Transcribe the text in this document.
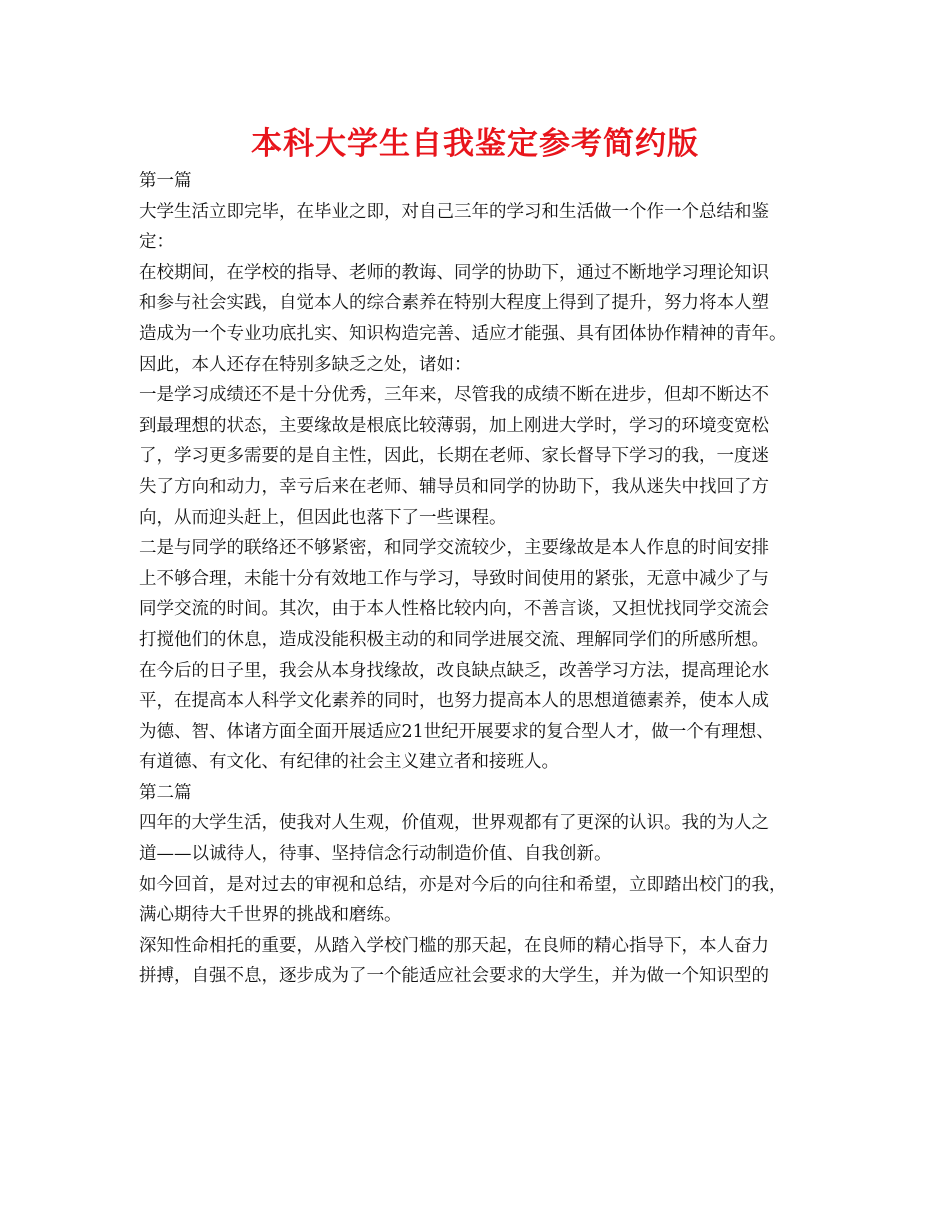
本科大学生自我鉴定参考简约版
第一篇
大学生活立即完毕，在毕业之即，对自己三年的学习和生活做一个作一个总结和鉴
定：
在校期间，在学校的指导、老师的教诲、同学的协助下，通过不断地学习理论知识
和参与社会实践，自觉本人的综合素养在特别大程度上得到了提升，努力将本人塑
造成为一个专业功底扎实、知识构造完善、适应才能强、具有团体协作精神的青年。
因此，本人还存在特别多缺乏之处，诸如：
一是学习成绩还不是十分优秀，三年来，尽管我的成绩不断在进步，但却不断达不
到最理想的状态，主要缘故是根底比较薄弱，加上刚进大学时，学习的环境变宽松
了，学习更多需要的是自主性，因此，长期在老师、家长督导下学习的我，一度迷
失了方向和动力，幸亏后来在老师、辅导员和同学的协助下，我从迷失中找回了方
向，从而迎头赶上，但因此也落下了一些课程。
二是与同学的联络还不够紧密，和同学交流较少，主要缘故是本人作息的时间安排
上不够合理，未能十分有效地工作与学习，导致时间使用的紧张，无意中减少了与
同学交流的时间。其次，由于本人性格比较内向，不善言谈，又担忧找同学交流会
打搅他们的休息，造成没能积极主动的和同学进展交流、理解同学们的所感所想。
在今后的日子里，我会从本身找缘故，改良缺点缺乏，改善学习方法，提高理论水
平，在提高本人科学文化素养的同时，也努力提高本人的思想道德素养，使本人成
为德、智、体诸方面全面开展适应21世纪开展要求的复合型人才，做一个有理想、
有道德、有文化、有纪律的社会主义建立者和接班人。
第二篇
四年的大学生活，使我对人生观，价值观，世界观都有了更深的认识。我的为人之
道——以诚待人，待事、坚持信念行动制造价值、自我创新。
如今回首，是对过去的审视和总结，亦是对今后的向往和希望，立即踏出校门的我，
满心期待大千世界的挑战和磨练。
深知性命相托的重要，从踏入学校门槛的那天起，在良师的精心指导下，本人奋力
拼搏，自强不息，逐步成为了一个能适应社会要求的大学生，并为做一个知识型的
